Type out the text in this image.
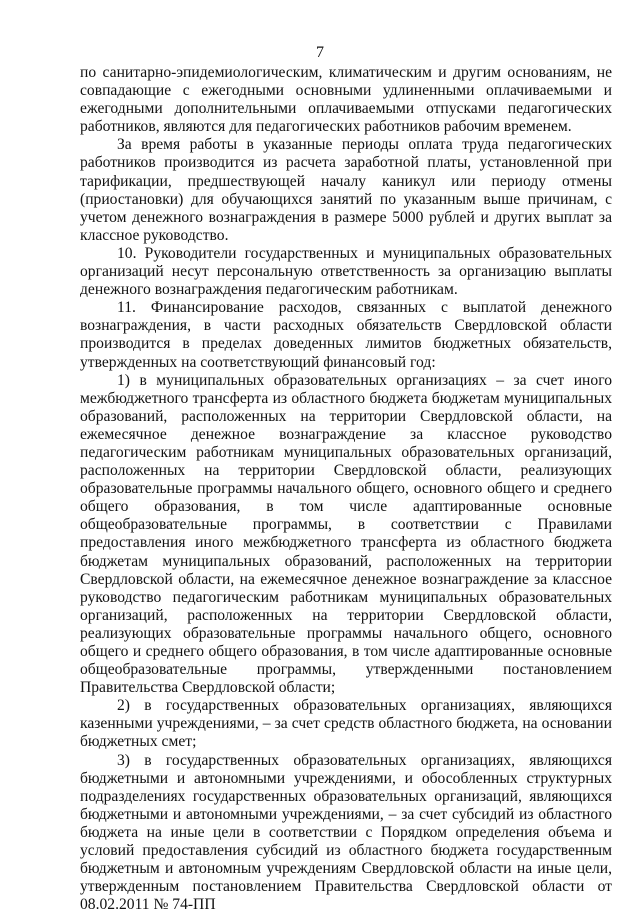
7

по санитарно-эпидемиологическим, климатическим и другим основаниям, не совпадающие с ежегодными основными удлиненными оплачиваемыми и ежегодными дополнительными оплачиваемыми отпусками педагогических работников, являются для педагогических работников рабочим временем.

За время работы в указанные периоды оплата труда педагогических работников производится из расчета заработной платы, установленной при тарификации, предшествующей началу каникул или периоду отмены (приостановки) для обучающихся занятий по указанным выше причинам, с учетом денежного вознаграждения в размере 5000 рублей и других выплат за классное руководство.

10. Руководители государственных и муниципальных образовательных организаций несут персональную ответственность за организацию выплаты денежного вознаграждения педагогическим работникам.

11. Финансирование расходов, связанных с выплатой денежного вознаграждения, в части расходных обязательств Свердловской области производится в пределах доведенных лимитов бюджетных обязательств, утвержденных на соответствующий финансовый год:

1) в муниципальных образовательных организациях – за счет иного межбюджетного трансферта из областного бюджета бюджетам муниципальных образований, расположенных на территории Свердловской области, на ежемесячное денежное вознаграждение за классное руководство педагогическим работникам муниципальных образовательных организаций, расположенных на территории Свердловской области, реализующих образовательные программы начального общего, основного общего и среднего общего образования, в том числе адаптированные основные общеобразовательные программы, в соответствии с Правилами предоставления иного межбюджетного трансферта из областного бюджета бюджетам муниципальных образований, расположенных на территории Свердловской области, на ежемесячное денежное вознаграждение за классное руководство педагогическим работникам муниципальных образовательных организаций, расположенных на территории Свердловской области, реализующих образовательные программы начального общего, основного общего и среднего общего образования, в том числе адаптированные основные общеобразовательные программы, утвержденными постановлением Правительства Свердловской области;

2) в государственных образовательных организациях, являющихся казенными учреждениями, – за счет средств областного бюджета, на основании бюджетных смет;

3) в государственных образовательных организациях, являющихся бюджетными и автономными учреждениями, и обособленных структурных подразделениях государственных образовательных организаций, являющихся бюджетными и автономными учреждениями, – за счет субсидий из областного бюджета на иные цели в соответствии с Порядком определения объема и условий предоставления субсидий из областного бюджета государственным бюджетным и автономным учреждениям Свердловской области на иные цели, утвержденным постановлением Правительства Свердловской области от 08.02.2011 № 74-ПП
